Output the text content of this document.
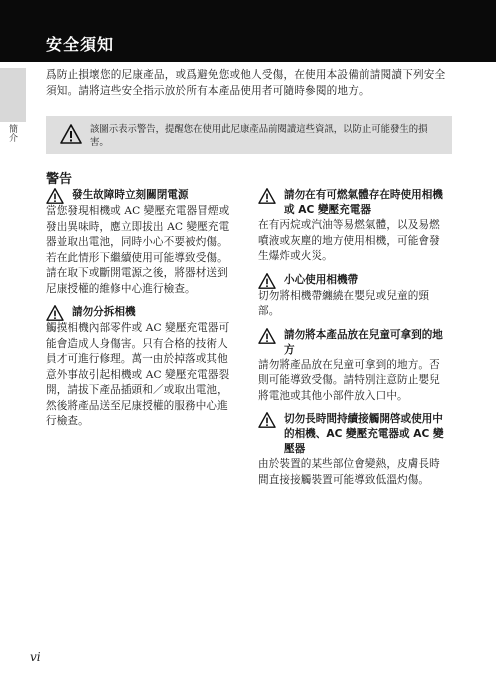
安全須知
簡介
爲防止損壞您的尼康產品，或爲避免您或他人受傷，在使用本設備前請閱讀下列安全須知。請將這些安全指示放於所有本產品使用者可隨時參閱的地方。
該圖示表示警告，提醒您在使用此尼康產品前閱讀這些資訊，以防止可能發生的損害。
警告
發生故障時立刻關閉電源
當您發現相機或 AC 變壓充電器冒煙或發出異味時，應立即拔出 AC 變壓充電器並取出電池，同時小心不要被灼傷。若在此情形下繼續使用可能導致受傷。請在取下或斷開電源之後，將器材送到尼康授權的維修中心進行檢查。
請勿分拆相機
觸摸相機內部零件或 AC 變壓充電器可能會造成人身傷害。只有合格的技術人員才可進行修理。萬一由於掉落或其他意外事故引起相機或 AC 變壓充電器裂開，請拔下產品插頭和／或取出電池，然後將產品送至尼康授權的服務中心進行檢查。
請勿在有可燃氣體存在時使用相機或 AC 變壓充電器
在有丙烷或汽油等易燃氣體，以及易燃噴液或灰塵的地方使用相機，可能會發生爆炸或火災。
小心使用相機帶
切勿將相機帶纏繞在嬰兒或兒童的頸部。
請勿將本產品放在兒童可拿到的地方
請勿將產品放在兒童可拿到的地方。否則可能導致受傷。請特別注意防止嬰兒將電池或其他小部件放入口中。
切勿長時間持續接觸開啓或使用中的相機、AC 變壓充電器或 AC 變壓器
由於裝置的某些部位會變熱，皮膚長時間直接接觸裝置可能導致低溫灼傷。
vi
